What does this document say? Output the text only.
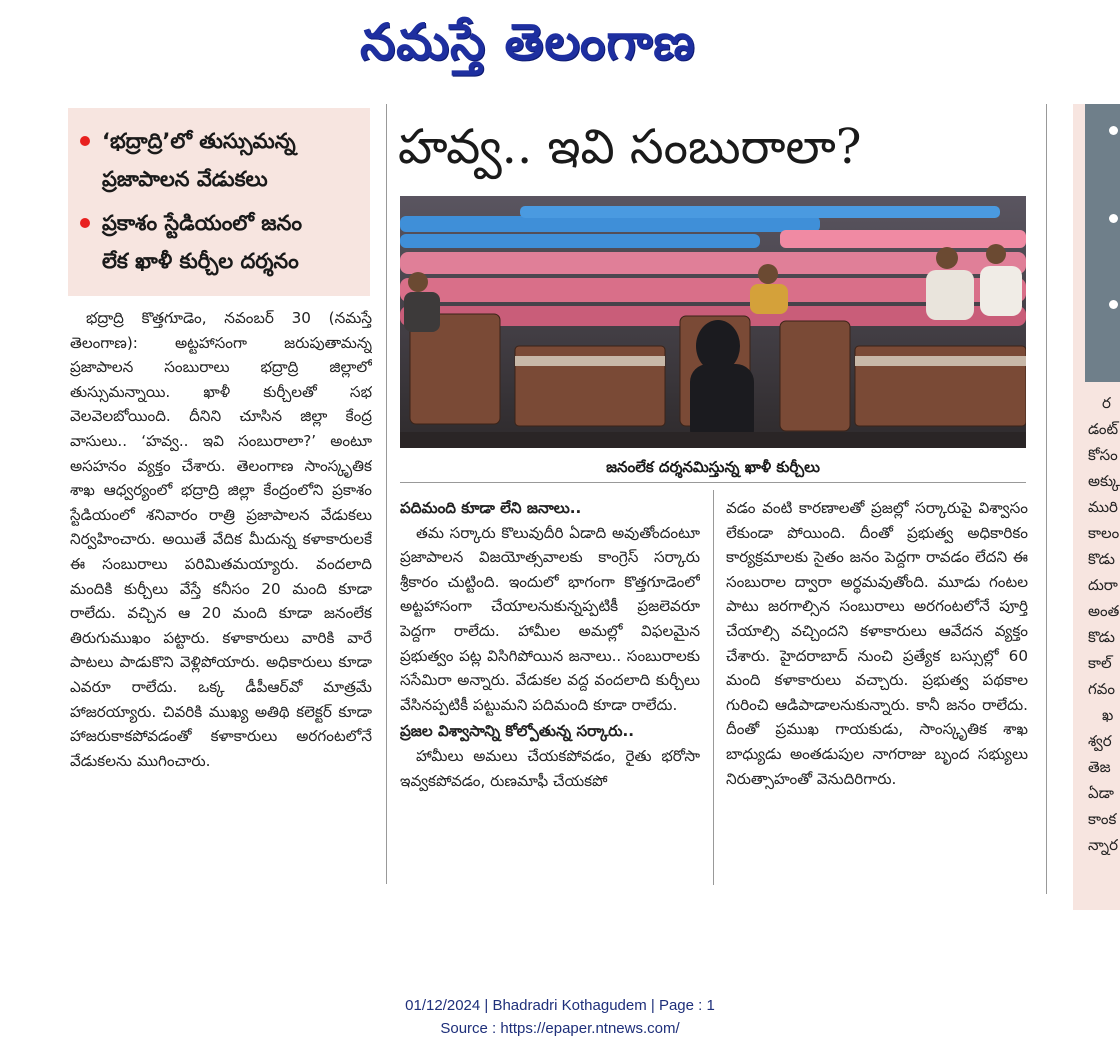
నమస్తే తెలంగాణ
‘భద్రాద్రి’లో తుస్సుమన్న
ప్రజాపాలన వేడుకలు
ప్రకాశం స్టేడియంలో జనం
లేక ఖాళీ కుర్చీల దర్శనం

భద్రాద్రి కొత్తగూడెం, నవంబర్ 30 (నమస్తే తెలంగాణ): అట్టహాసంగా జరుపుతామన్న ప్రజాపాలన సంబురాలు భద్రాద్రి జిల్లాలో తుస్సుమన్నాయి. ఖాళీ కుర్చీలతో సభ వెలవెలబోయింది. దీనిని చూసిన జిల్లా కేంద్ర వాసులు.. ‘హవ్వ.. ఇవి సంబురాలా?’ అంటూ అసహనం వ్యక్తం చేశారు. తెలంగాణ సాంస్కృతిక శాఖ ఆధ్వర్యంలో భద్రాద్రి జిల్లా కేంద్రంలోని ప్రకాశం స్టేడియంలో శనివారం రాత్రి ప్రజాపాలన వేడుకలు నిర్వహించారు. అయితే వేదిక మీదున్న కళాకారులకే ఈ సంబురాలు పరిమితమయ్యారు. వందలాది మందికి కుర్చీలు వేస్తే కనీసం 20 మంది కూడా రాలేదు. వచ్చిన ఆ 20 మంది కూడా జనంలేక తిరుగుముఖం పట్టారు. కళాకారులు వారికి వారే పాటలు పాడుకొని వెళ్లిపోయారు. అధికారులు కూడా ఎవరూ రాలేదు. ఒక్క డీపీఆర్‌వో మాత్రమే హాజరయ్యారు. చివరికి ముఖ్య అతిథి కలెక్టర్ కూడా హాజరుకాకపోవడంతో కళాకారులు అరగంటలోనే వేడుకలను ముగించారు.

హవ్వ.. ఇవి సంబురాలా?
జనంలేక దర్శనమిస్తున్న ఖాళీ కుర్చీలు

పదిమంది కూడా లేని జనాలు..

తమ సర్కారు కొలువుదీరి ఏడాది అవుతోందంటూ ప్రజాపాలన విజయోత్సవాలకు కాంగ్రెస్ సర్కారు శ్రీకారం చుట్టింది. ఇందులో భాగంగా కొత్తగూడెంలో అట్టహాసంగా చేయాలనుకున్నప్పటికీ ప్రజలెవరూ పెద్దగా రాలేదు. హామీల అమల్లో విఫలమైన ప్రభుత్వం పట్ల విసిగిపోయిన జనాలు.. సంబురాలకు ససేమిరా అన్నారు. వేడుకల వద్ద వందలాది కుర్చీలు వేసినప్పటికీ పట్టుమని పదిమంది కూడా రాలేదు.

ప్రజల విశ్వాసాన్ని కోల్పోతున్న సర్కారు..

హామీలు అమలు చేయకపోవడం, రైతు భరోసా ఇవ్వకపోవడం, రుణమాఫీ చేయకపో

వడం వంటి కారణాలతో ప్రజల్లో సర్కారుపై విశ్వాసం లేకుండా పోయింది. దీంతో ప్రభుత్వ అధికారికం కార్యక్రమాలకు సైతం జనం పెద్దగా రావడం లేదని ఈ సంబురాల ద్వారా అర్థమవుతోంది. మూడు గంటల పాటు జరగాల్సిన సంబురాలు అరగంటలోనే పూర్తి చేయాల్సి వచ్చిందని కళాకారులు ఆవేదన వ్యక్తం చేశారు. హైదరాబాద్ నుంచి ప్రత్యేక బస్సుల్లో 60 మంది కళాకారులు వచ్చారు. ప్రభుత్వ పథకాల గురించి ఆడిపాడాలనుకున్నారు. కానీ జనం రాలేదు. దీంతో ప్రముఖ గాయకుడు, సాంస్కృతిక శాఖ బాధ్యుడు అంతడుపుల నాగరాజు బృంద సభ్యులు నిరుత్సాహంతో వెనుదిరిగారు.

ర
డంట్
కోసం
అక్కు
మురి
కాలం
కొడు
దురా
అంత
కొడు
కాల్
గవం
ఖ
శ్వర
తెజ
ఏడా
కాంక
న్నార
01/12/2024 | Bhadradri Kothagudem | Page : 1
Source : https://epaper.ntnews.com/
